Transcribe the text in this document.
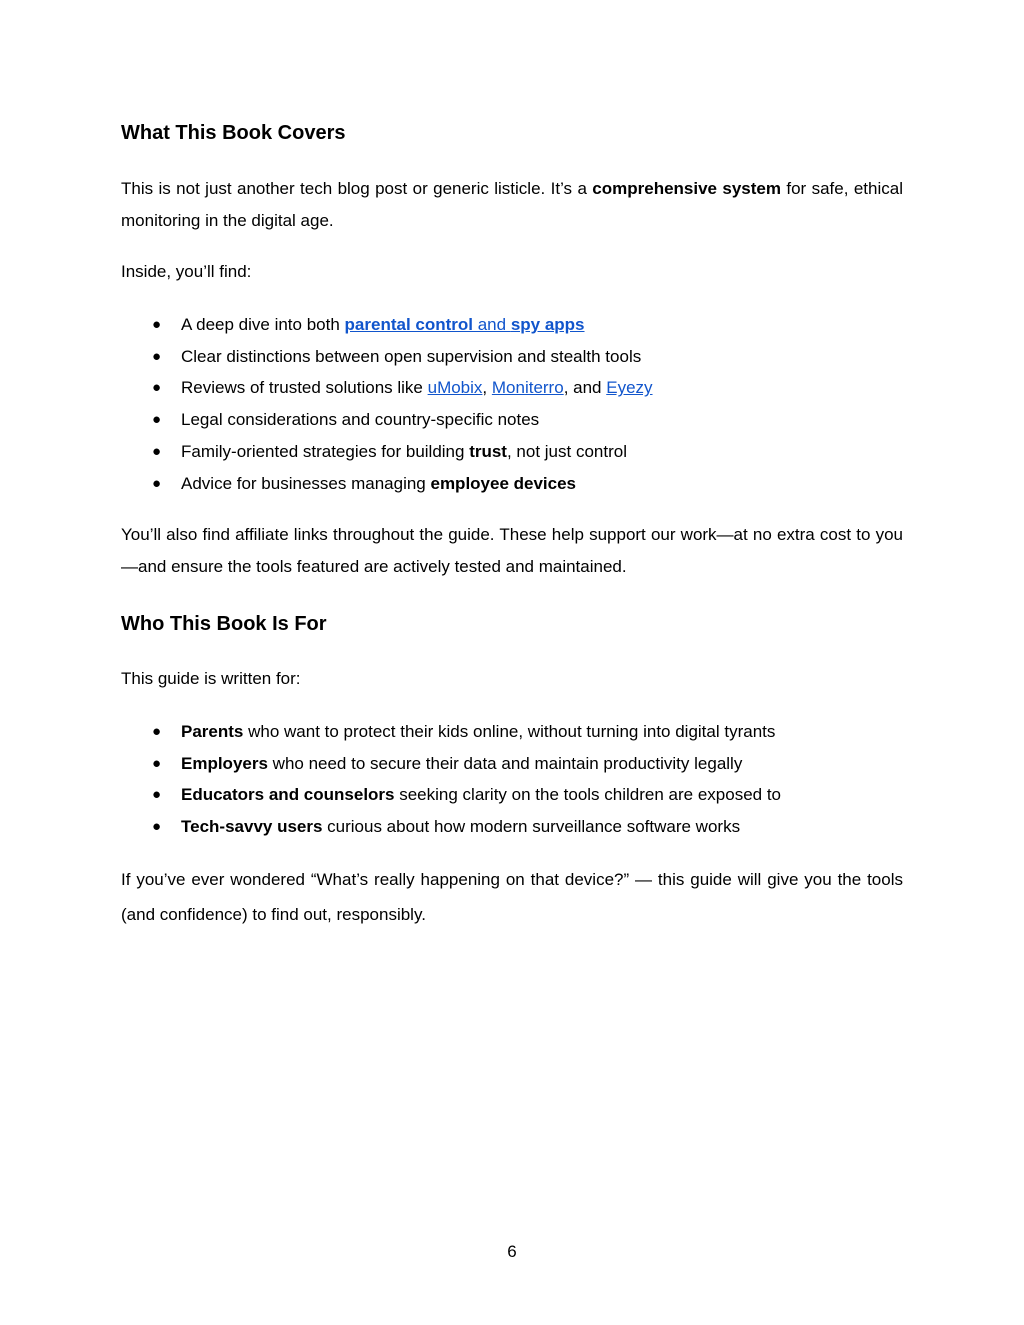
What This Book Covers

This is not just another tech blog post or generic listicle. It’s a comprehensive system for safe, ethical monitoring in the digital age.

Inside, you’ll find:

● A deep dive into both parental control and spy apps
● Clear distinctions between open supervision and stealth tools
● Reviews of trusted solutions like uMobix, Moniterro, and Eyezy
● Legal considerations and country-specific notes
● Family-oriented strategies for building trust, not just control
● Advice for businesses managing employee devices

You’ll also find affiliate links throughout the guide. These help support our work—at no extra cost to you—and ensure the tools featured are actively tested and maintained.

Who This Book Is For

This guide is written for:

● Parents who want to protect their kids online, without turning into digital tyrants
● Employers who need to secure their data and maintain productivity legally
● Educators and counselors seeking clarity on the tools children are exposed to
● Tech-savvy users curious about how modern surveillance software works

If you’ve ever wondered “What’s really happening on that device?” — this guide will give you the tools (and confidence) to find out, responsibly.

6
